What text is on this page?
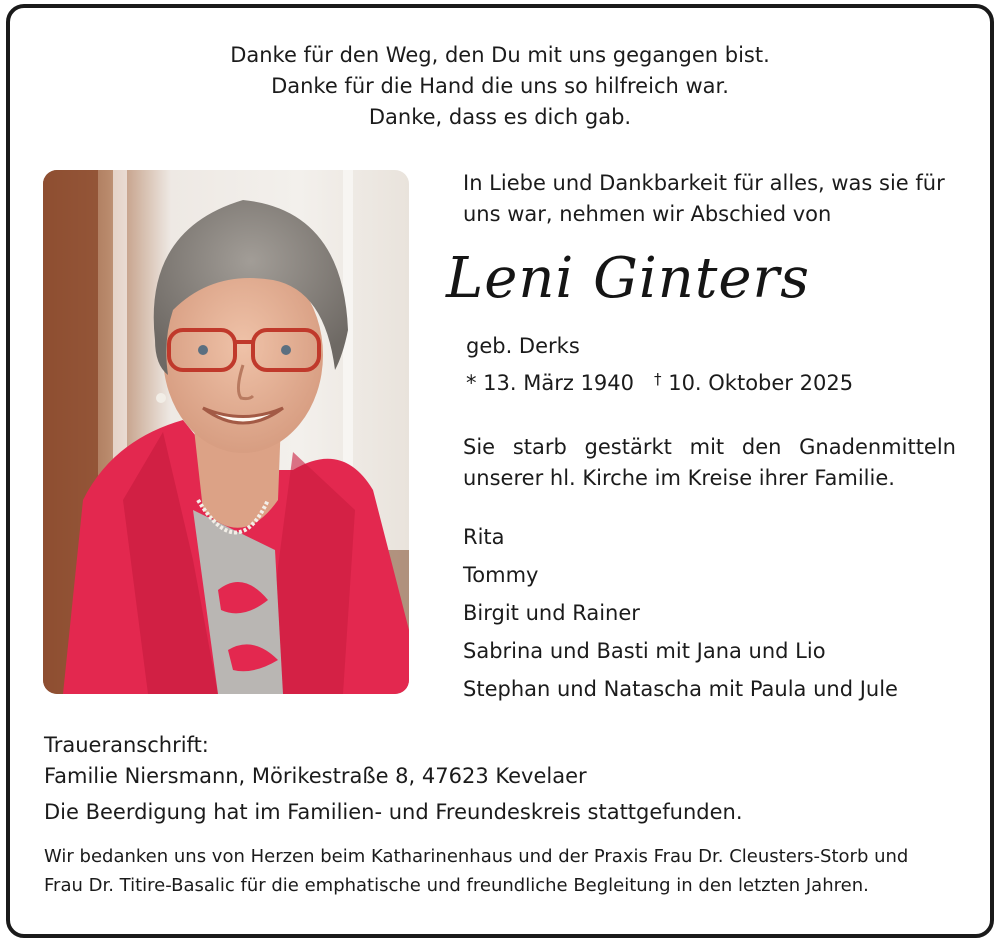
Danke für den Weg, den Du mit uns gegangen bist.
Danke für die Hand die uns so hilfreich war.
Danke, dass es dich gab.
In Liebe und Dankbarkeit für alles, was sie für
uns war, nehmen wir Abschied von
Leni Ginters
geb. Derks
* 13. März 1940 † 10. Oktober 2025
Sie starb gestärkt mit den Gnadenmitteln
unserer hl. Kirche im Kreise ihrer Familie.
Rita
Tommy
Birgit und Rainer
Sabrina und Basti mit Jana und Lio
Stephan und Natascha mit Paula und Jule
Traueranschrift:
Familie Niersmann, Mörikestraße 8, 47623 Kevelaer
Die Beerdigung hat im Familien- und Freundeskreis stattgefunden.
Wir bedanken uns von Herzen beim Katharinenhaus und der Praxis Frau Dr. Cleusters-Storb und
Frau Dr. Titire-Basalic für die emphatische und freundliche Begleitung in den letzten Jahren.
